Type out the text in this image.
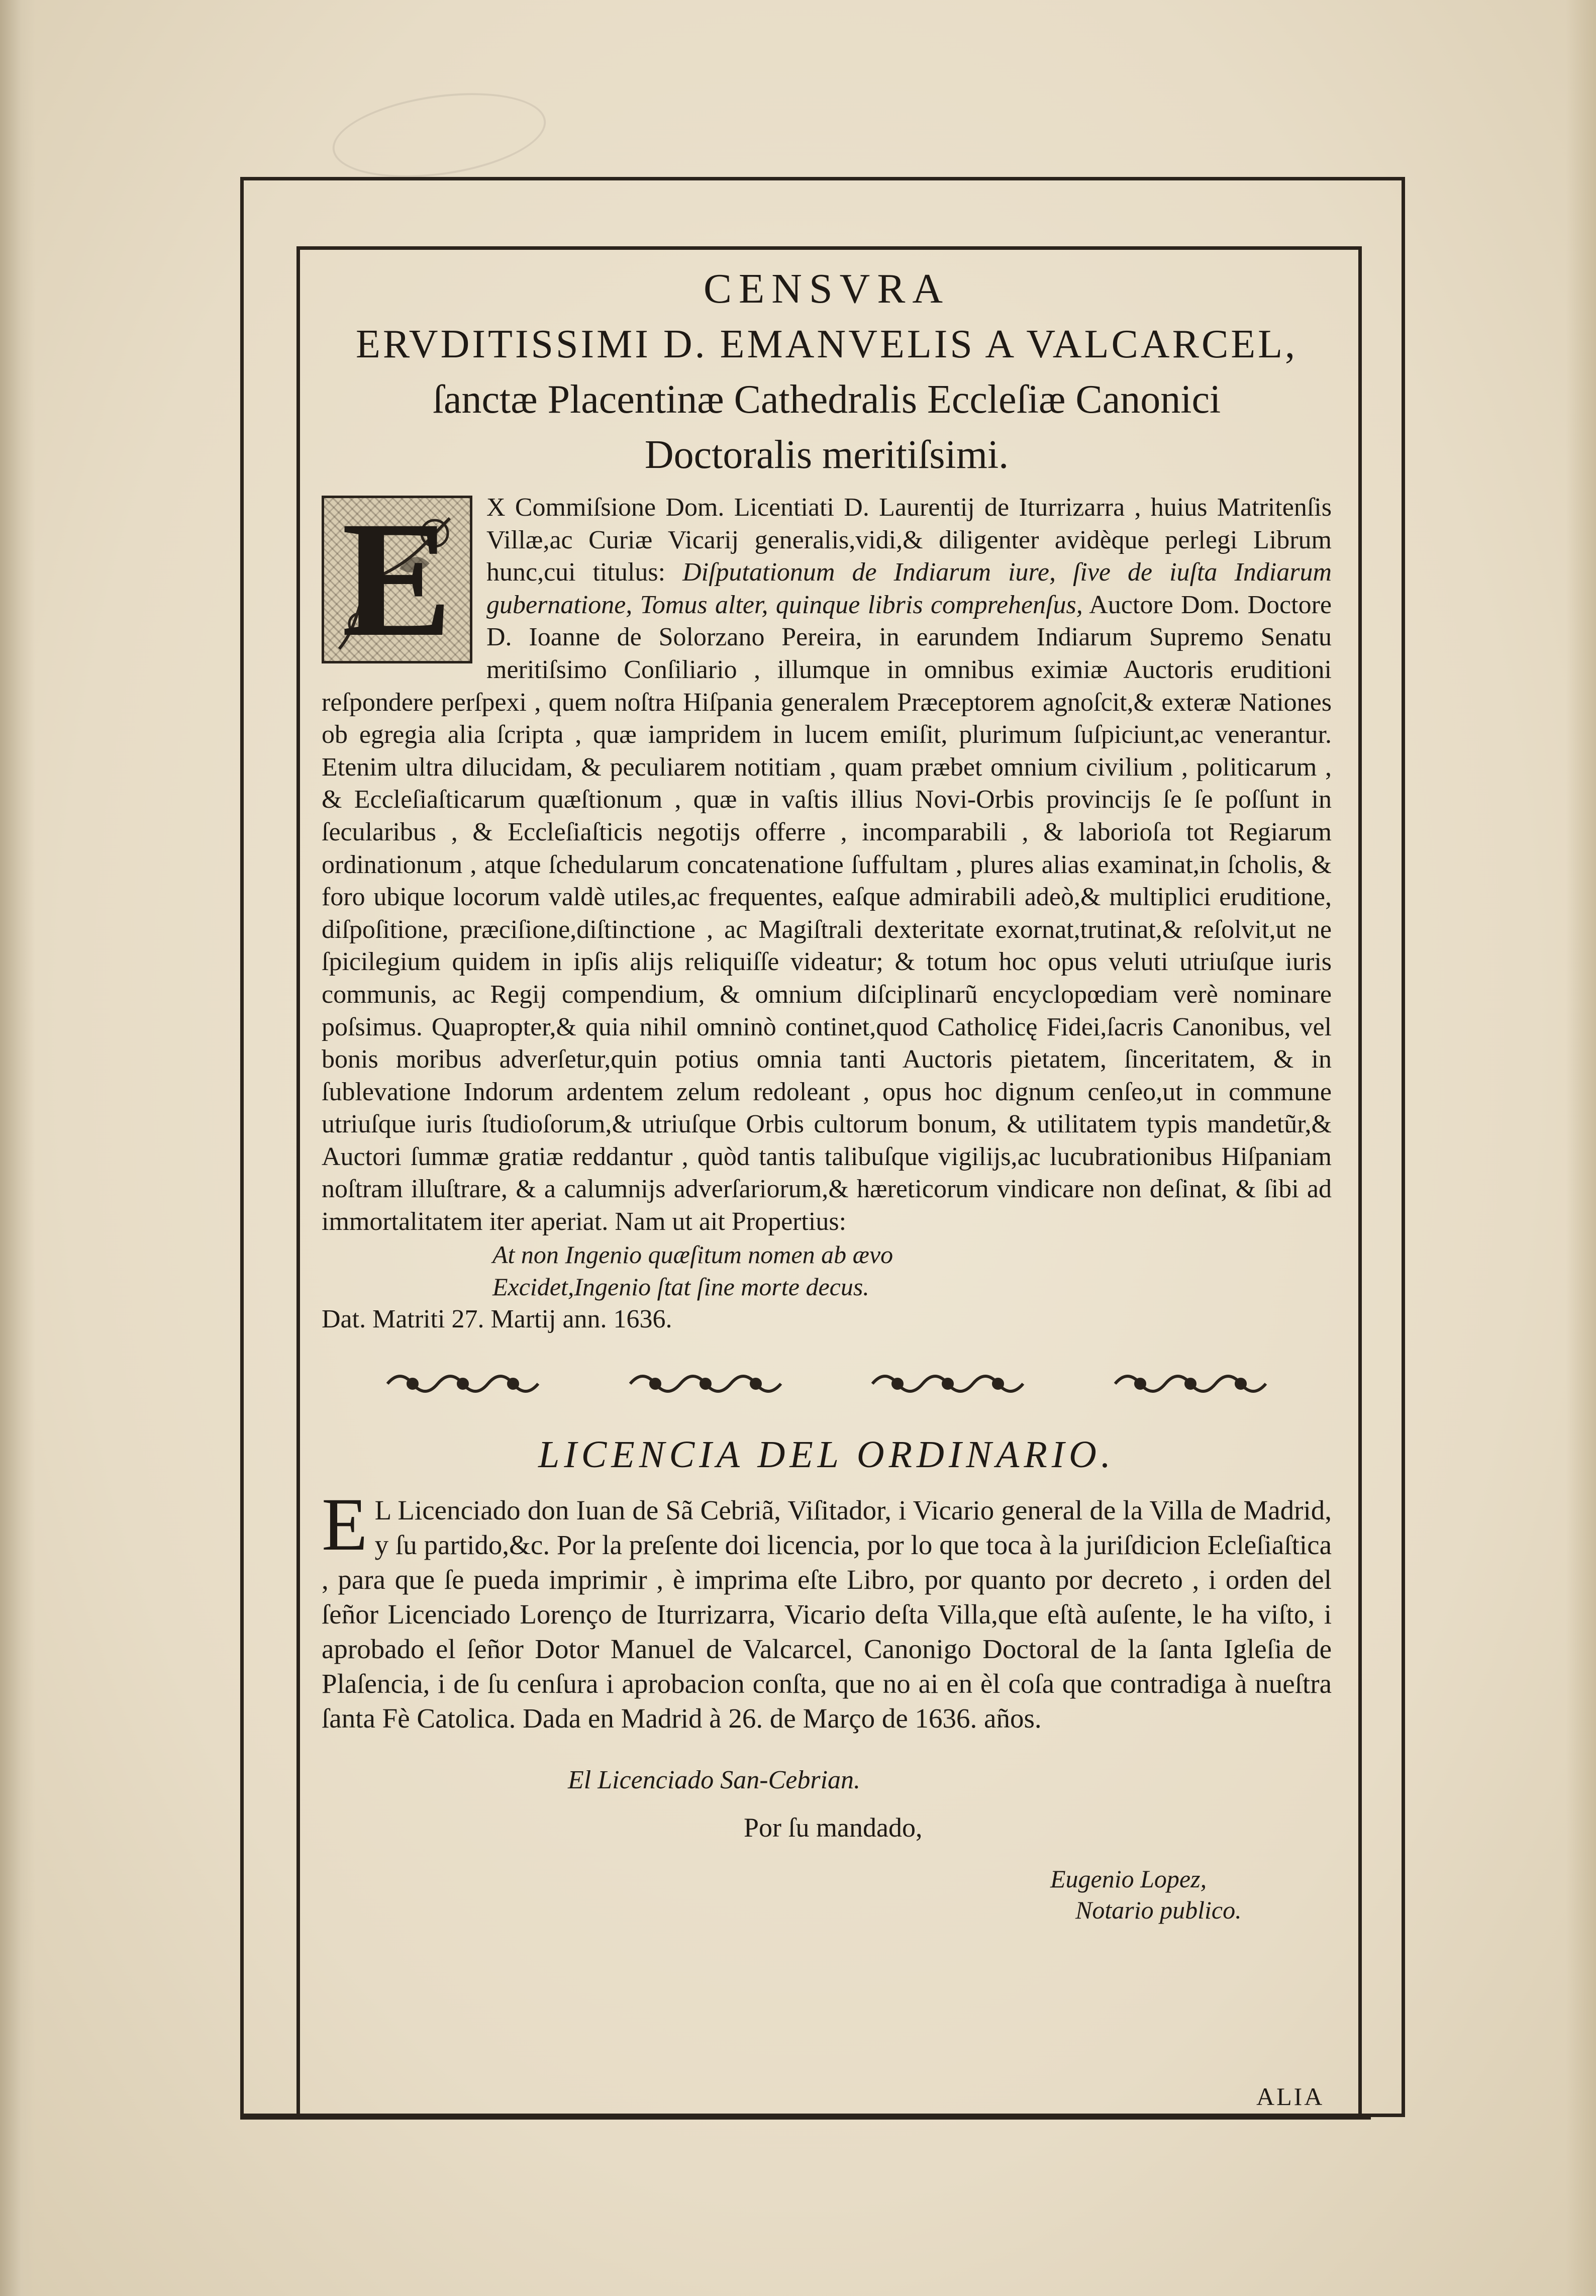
CENSVRA
ERVDITISSIMI D. EMANVELIS A VALCARCEL,
ſanctæ Placentinæ Cathedralis Eccleſiæ Canonici
Doctoralis meritiſsimi.

E	X Commiſsione Dom. Licentiati D. Laurentij de Iturrizarra , huius Matritenſis Villæ,ac Curiæ Vicarij generalis,vidi,& diligenter avidèque perlegi Librum hunc,cui titulus: Diſputationum de Indiarum iure, ſive de iuſta Indiarum gubernatione, Tomus alter, quinque libris comprehenſus, Auctore Dom. Doctore D. Ioanne de Solorzano Pereira, in earundem Indiarum Supremo Senatu meritiſsimo Conſiliario , illumque in omnibus eximiæ Auctoris eruditioni reſpondere perſpexi , quem noſtra Hiſpania generalem Præceptorem agnoſcit,& exteræ Nationes ob egregia alia ſcripta , quæ iampridem in lucem emiſit, plurimum ſuſpiciunt,ac venerantur. Etenim ultra dilucidam, & peculiarem notitiam , quam præbet omnium civilium , politicarum , & Eccleſiaſticarum quæſtionum , quæ in vaſtis illius Novi-Orbis provincijs ſe ſe poſſunt in ſecularibus , & Eccleſiaſticis negotijs offerre , incomparabili , & laborioſa tot Regiarum ordinationum , atque ſchedularum concatenatione ſuffultam , plures alias examinat,in ſcholis, & foro ubique locorum valdè utiles,ac frequentes, eaſque admirabili adeò,& multiplici eruditione, diſpoſitione, præciſione,diſtinctione , ac Magiſtrali dexteritate exornat,trutinat,& reſolvit,ut ne ſpicilegium quidem in ipſis alijs reliquiſſe videatur; & totum hoc opus veluti utriuſque iuris communis, ac Regij compendium, & omnium diſciplinarũ encyclopœdiam verè nominare poſsimus. Quapropter,& quia nihil omninò continet,quod Catholicę Fidei,ſacris Canonibus, vel bonis moribus adverſetur,quin potius omnia tanti Auctoris pietatem, ſinceritatem, & in ſublevatione Indorum ardentem zelum redoleant , opus hoc dignum cenſeo,ut in commune utriuſque iuris ſtudioſorum,& utriuſque Orbis cultorum bonum, & utilitatem typis mandetũr,& Auctori ſummæ gratiæ reddantur , quòd tantis talibuſque vigilijs,ac lucubrationibus Hiſpaniam noſtram illuſtrare, & a calumnijs adverſariorum,& hæreticorum vindicare non deſinat, & ſibi ad immortalitatem iter aperiat. Nam ut ait Propertius:

At non Ingenio quæſitum nomen ab ævo

Excidet,Ingenio ſtat ſine morte decus.

Dat. Matriti 27. Martij ann. 1636.

LICENCIA DEL ORDINARIO.

E L Licenciado don Iuan de Sã Cebriã, Viſitador, i Vicario general de la Villa de Madrid, y ſu partido,&c. Por la preſente doi licencia, por lo que toca à la juriſdicion Ecleſiaſtica , para que ſe pueda imprimir , è imprima eſte Libro, por quanto por decreto , i orden del ſeñor Licenciado Lorenço de Iturrizarra, Vicario deſta Villa,que eſtà auſente, le ha viſto, i aprobado el ſeñor Dotor Manuel de Valcarcel, Canonigo Doctoral de la ſanta Igleſia de Plaſencia, i de ſu cenſura i aprobacion conſta, que no ai en èl coſa que contradiga à nueſtra ſanta Fè Catolica. Dada en Madrid à 26. de Março de 1636. años.

El Licenciado San-Cebrian.

Por ſu mandado,

Eugenio Lopez,

Notario publico.

ALIA
